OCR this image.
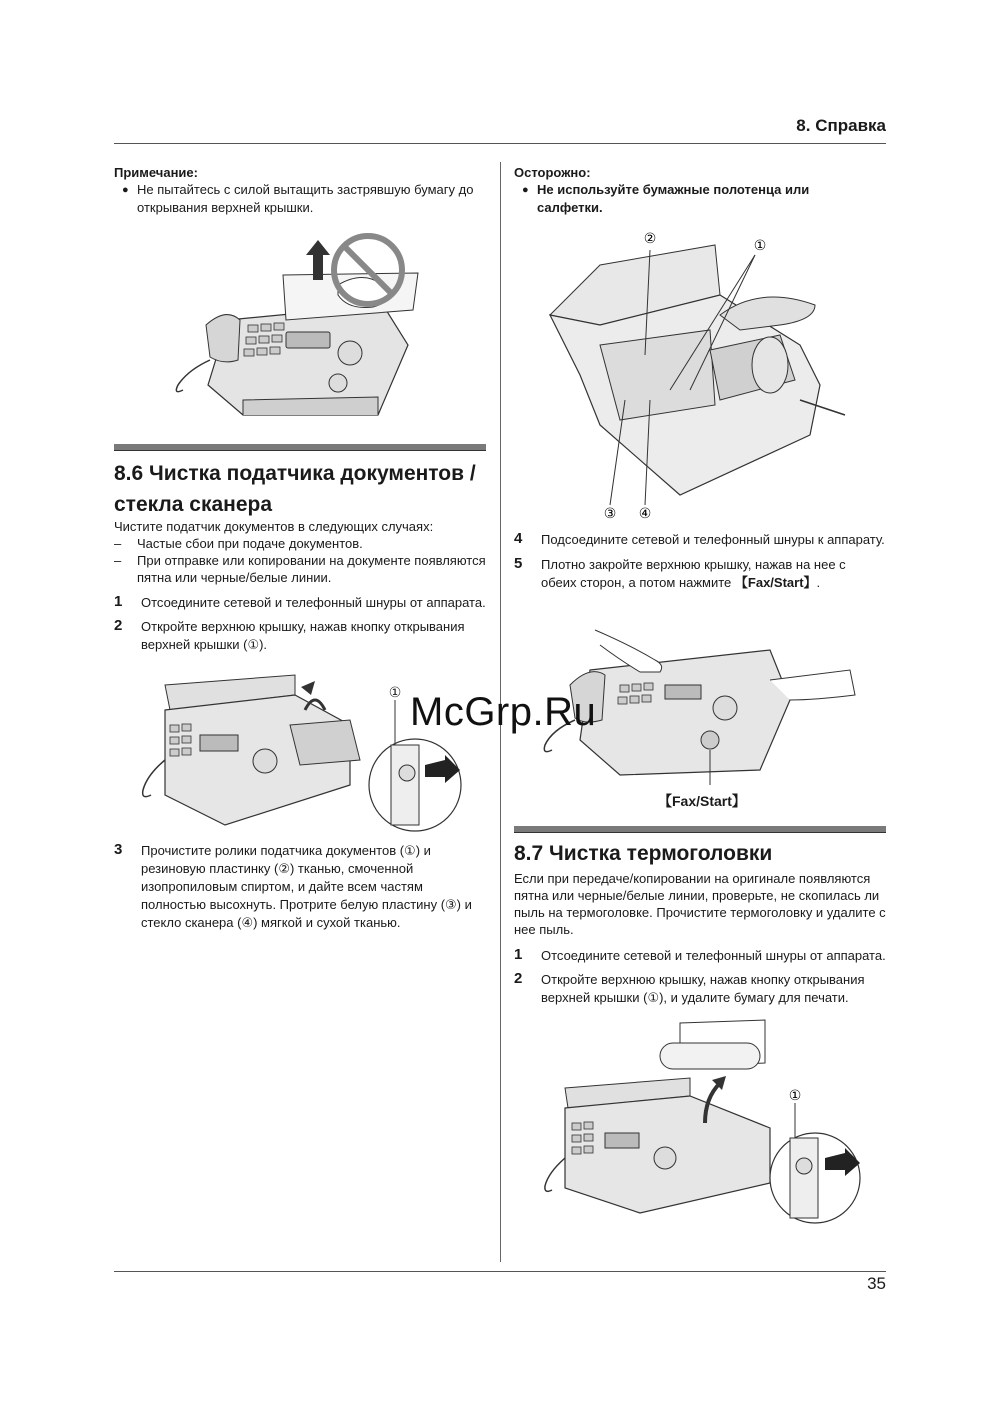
8. Справка
Примечание:
● Не пытайтесь с силой вытащить застрявшую бумагу до открывания верхней крышки.
8.6 Чистка податчика документов / стекла сканера
Чистите податчик документов в следующих случаях:
– Частые сбои при подаче документов.
– При отправке или копировании на документе появляются пятна или черные/белые линии.
1 Отсоедините сетевой и телефонный шнуры от аппарата.
2 Откройте верхнюю крышку, нажав кнопку открывания верхней крышки (①).
①
3 Прочистите ролики податчика документов (①) и резиновую пластинку (②) тканью, смоченной изопропиловым спиртом, и дайте всем частям полностью высохнуть. Протрите белую пластину (③) и стекло сканера (④) мягкой и сухой тканью.
Осторожно:
● Не используйте бумажные полотенца или салфетки.
②	①
③ ④
4 Подсоедините сетевой и телефонный шнуры к аппарату.
5 Плотно закройте верхнюю крышку, нажав на нее с обеих сторон, а потом нажмите 【Fax/Start】.
【Fax/Start】
8.7 Чистка термоголовки
Если при передаче/копировании на оригинале появляются пятна или черные/белые линии, проверьте, не скопилась ли пыль на термоголовке. Прочистите термоголовку и удалите с нее пыль.
1 Отсоедините сетевой и телефонный шнуры от аппарата.
2 Откройте верхнюю крышку, нажав кнопку открывания верхней крышки (①), и удалите бумагу для печати.
①
McGrp.Ru
35
